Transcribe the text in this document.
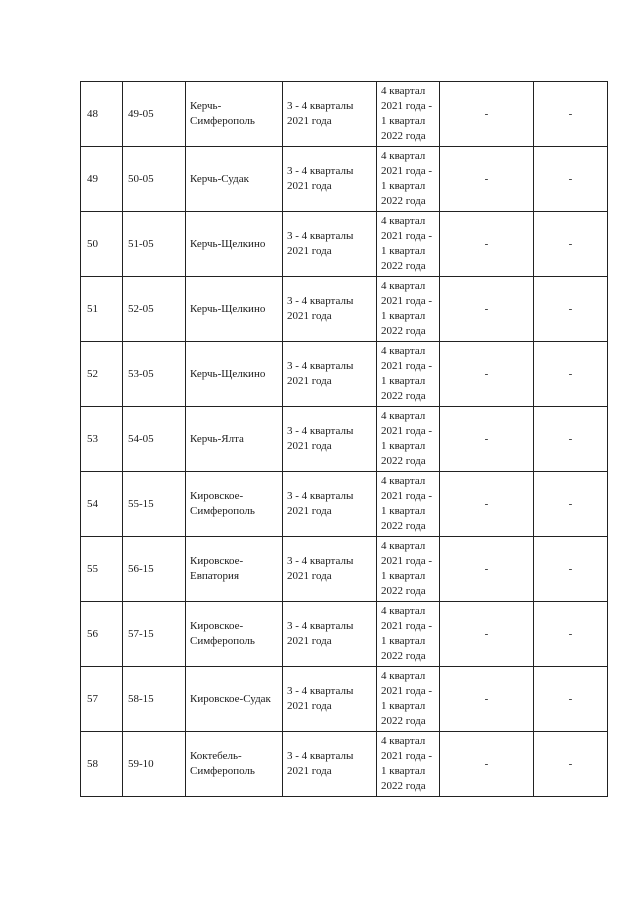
48	49-05	Керчь-
Симферополь	3 - 4 кварталы
2021 года	4 квартал
2021 года -
1 квартал
2022 года	-	-
49	50-05	Керчь-Судак	3 - 4 кварталы
2021 года	4 квартал
2021 года -
1 квартал
2022 года	-	-
50	51-05	Керчь-Щелкино	3 - 4 кварталы
2021 года	4 квартал
2021 года -
1 квартал
2022 года	-	-
51	52-05	Керчь-Щелкино	3 - 4 кварталы
2021 года	4 квартал
2021 года -
1 квартал
2022 года	-	-
52	53-05	Керчь-Щелкино	3 - 4 кварталы
2021 года	4 квартал
2021 года -
1 квартал
2022 года	-	-
53	54-05	Керчь-Ялта	3 - 4 кварталы
2021 года	4 квартал
2021 года -
1 квартал
2022 года	-	-
54	55-15	Кировское-
Симферополь	3 - 4 кварталы
2021 года	4 квартал
2021 года -
1 квартал
2022 года	-	-
55	56-15	Кировское-
Евпатория	3 - 4 кварталы
2021 года	4 квартал
2021 года -
1 квартал
2022 года	-	-
56	57-15	Кировское-
Симферополь	3 - 4 кварталы
2021 года	4 квартал
2021 года -
1 квартал
2022 года	-	-
57	58-15	Кировское-Судак	3 - 4 кварталы
2021 года	4 квартал
2021 года -
1 квартал
2022 года	-	-
58	59-10	Коктебель-
Симферополь	3 - 4 кварталы
2021 года	4 квартал
2021 года -
1 квартал
2022 года	-	-
